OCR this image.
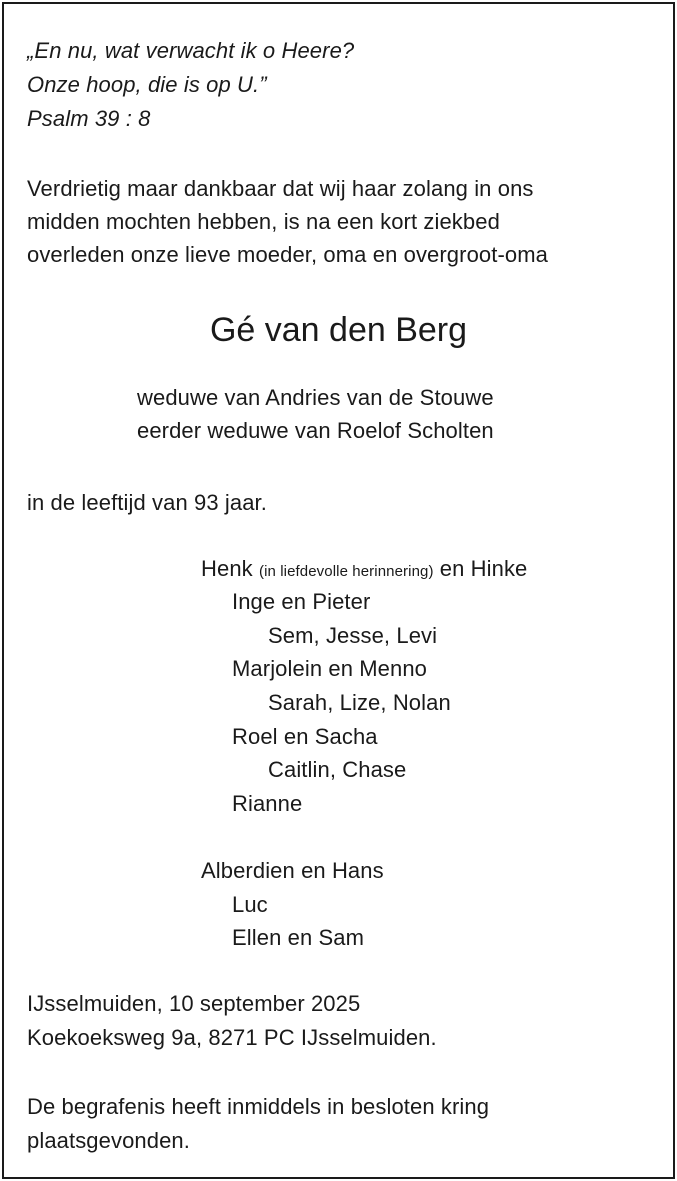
„En nu, wat verwacht ik o Heere?
Onze hoop, die is op U.”
Psalm 39 : 8
Verdrietig maar dankbaar dat wij haar zolang in ons
midden mochten hebben, is na een kort ziekbed
overleden onze lieve moeder, oma en overgroot-oma
Gé van den Berg
weduwe van Andries van de Stouwe
eerder weduwe van Roelof Scholten
in de leeftijd van 93 jaar.
Henk (in liefdevolle herinnering) en Hinke
Inge en Pieter
Sem, Jesse, Levi
Marjolein en Menno
Sarah, Lize, Nolan
Roel en Sacha
Caitlin, Chase
Rianne
Alberdien en Hans
Luc
Ellen en Sam
IJsselmuiden, 10 september 2025
Koekoeksweg 9a, 8271 PC IJsselmuiden.
De begrafenis heeft inmiddels in besloten kring
plaatsgevonden.
